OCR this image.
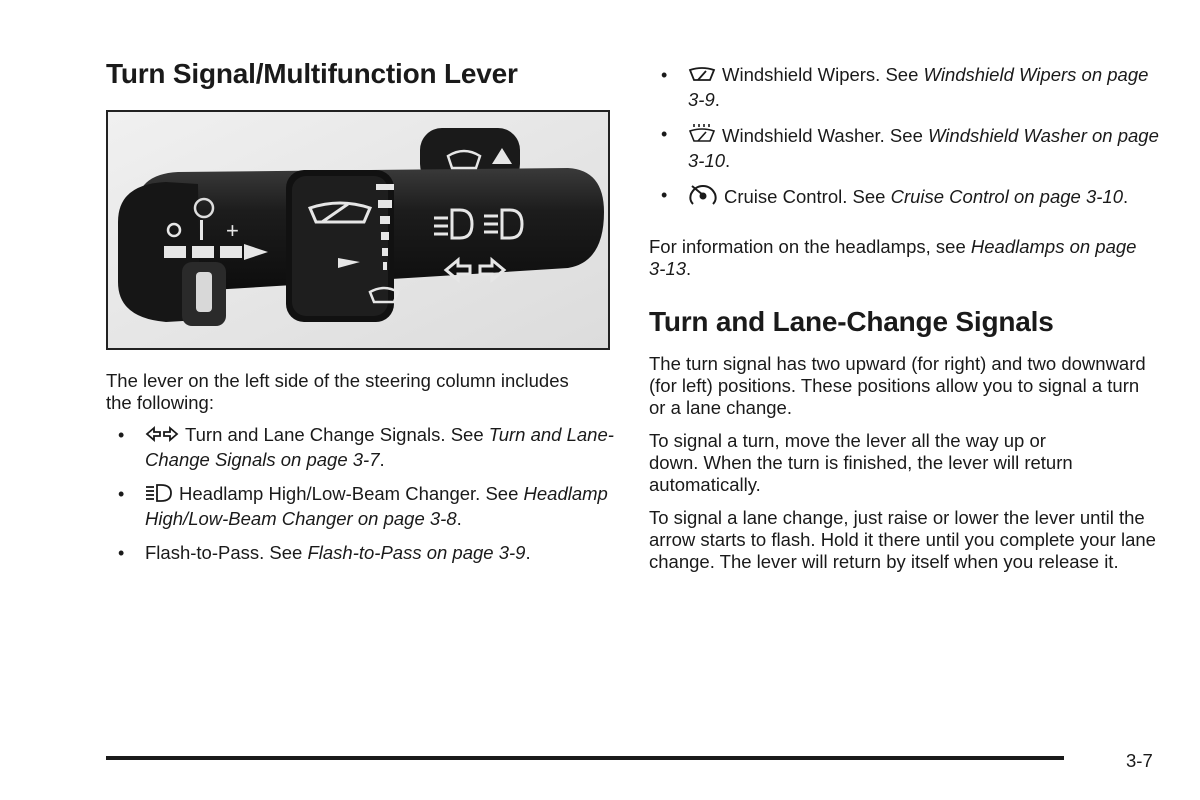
Turn Signal/Multifunction Lever
+

The lever on the left side of the steering column includes the following:

•	Turn and Lane Change Signals. See Turn and Lane-Change Signals on page 3-7.
•	Headlamp High/Low-Beam Changer. See Headlamp High/Low-Beam Changer on page 3-8.
• Flash-to-Pass. See Flash-to-Pass on page 3-9.
•	Windshield Wipers. See Windshield Wipers on page 3-9.
•	Windshield Washer. See Windshield Washer on page 3-10.
•	Cruise Control. See Cruise Control on page 3-10.

For information on the headlamps, see Headlamps on page 3-13.

Turn and Lane-Change Signals

The turn signal has two upward (for right) and two downward (for left) positions. These positions allow you to signal a turn or a lane change.

To signal a turn, move the lever all the way up or down. When the turn is finished, the lever will return automatically.

To signal a lane change, just raise or lower the lever until the arrow starts to flash. Hold it there until you complete your lane change. The lever will return by itself when you release it.

3-7
